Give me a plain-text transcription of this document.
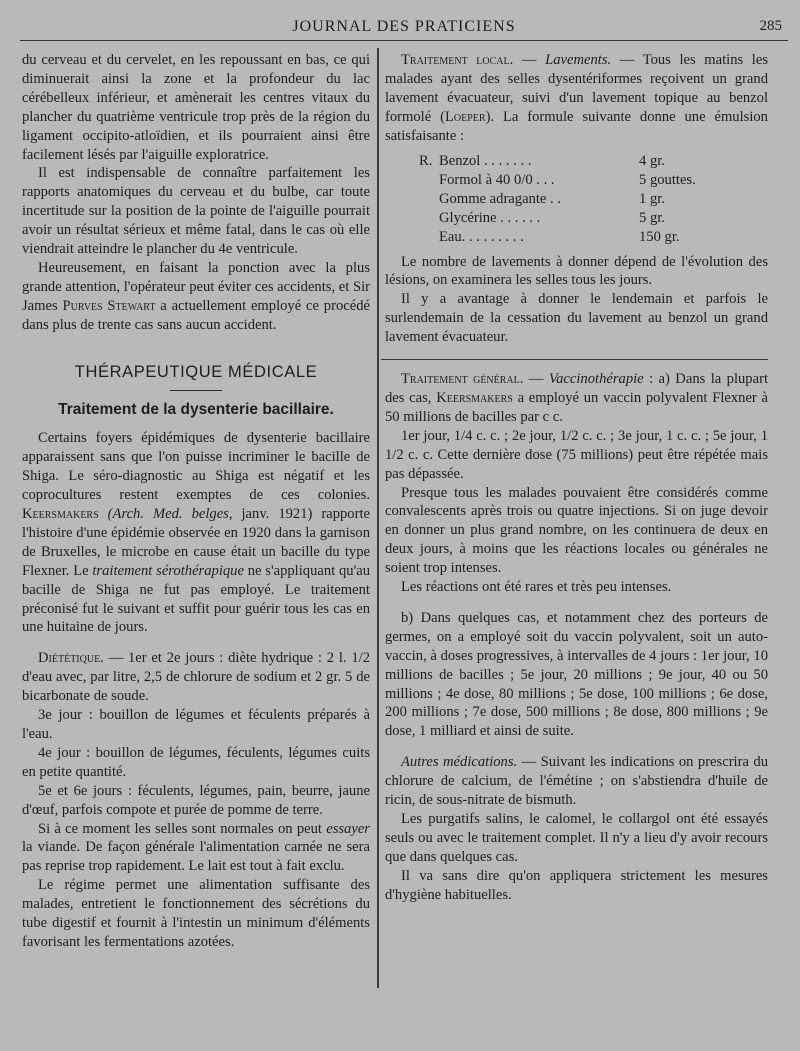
JOURNAL DES PRATICIENS	285

du cerveau et du cervelet, en les repoussant en bas, ce qui diminuerait ainsi la zone et la profondeur du lac cérébelleux inférieur, et amènerait les centres vitaux du plancher du quatrième ventricule trop près de la région du ligament occipito-atloïdien, et ils pourraient ainsi être facilement lésés par l'aiguille exploratrice.

Il est indispensable de connaître parfaitement les rapports anatomiques du cerveau et du bulbe, car toute incertitude sur la position de la pointe de l'aiguille pourrait avoir un résultat sérieux et même fatal, dans le cas où elle viendrait atteindre le plancher du 4e ventricule.

Heureusement, en faisant la ponction avec la plus grande attention, l'opérateur peut éviter ces accidents, et Sir James Purves Stewart a actuellement employé ce procédé dans plus de trente cas sans aucun accident.

THÉRAPEUTIQUE MÉDICALE
Traitement de la dysenterie bacillaire.

Certains foyers épidémiques de dysenterie bacillaire apparaissent sans que l'on puisse incriminer le bacille de Shiga. Le séro-diagnostic au Shiga est négatif et les coprocultures restent exemptes de ces colonies. Keersmakers (Arch. Med. belges, janv. 1921) rapporte l'histoire d'une épidémie observée en 1920 dans la garnison de Bruxelles, le microbe en cause était un bacille du type Flexner. Le traitement sérothérapique ne s'appliquant qu'au bacille de Shiga ne fut pas employé. Le traitement préconisé fut le suivant et suffit pour guérir tous les cas en une huitaine de jours.

Diététique. — 1er et 2e jours : diète hydrique : 2 l. 1/2 d'eau avec, par litre, 2,5 de chlorure de sodium et 2 gr. 5 de bicarbonate de soude.

3e jour : bouillon de légumes et féculents préparés à l'eau.

4e jour : bouillon de légumes, féculents, légumes cuits en petite quantité.

5e et 6e jours : féculents, légumes, pain, beurre, jaune d'œuf, parfois compote et purée de pomme de terre.

Si à ce moment les selles sont normales on peut essayer la viande. De façon générale l'alimentation carnée ne sera pas reprise trop rapidement. Le lait est tout à fait exclu.

Le régime permet une alimentation suffisante des malades, entretient le fonctionnement des sécrétions du tube digestif et fournit à l'intestin un minimum d'éléments favorisant les fermentations azotées.

Traitement local. — Lavements. — Tous les matins les malades ayant des selles dysentériformes reçoivent un grand lavement évacuateur, suivi d'un lavement topique au benzol formolé (Loeper). La formule suivante donne une émulsion satisfaisante :

R. Benzol . . . . . . .	4 gr.
Formol à 40 0/0 . . .	5 gouttes.
Gomme adragante . .	1 gr.
Glycérine . . . . . .	5 gr.
Eau. . . . . . . . .	150 gr.

Le nombre de lavements à donner dépend de l'évolution des lésions, on examinera les selles tous les jours.

Il y a avantage à donner le lendemain et parfois le surlendemain de la cessation du lavement au benzol un grand lavement évacuateur.

Traitement général. — Vaccinothérapie : a) Dans la plupart des cas, Keersmakers a employé un vaccin polyvalent Flexner à 50 millions de bacilles par c c.

1er jour, 1/4 c. c. ; 2e jour, 1/2 c. c. ; 3e jour, 1 c. c. ; 5e jour, 1 1/2 c. c. Cette dernière dose (75 millions) peut être répétée mais pas dépassée.

Presque tous les malades pouvaient être considérés comme convalescents après trois ou quatre injections. Si on juge devoir en donner un plus grand nombre, on les continuera de deux en deux jours, à moins que les réactions locales ou générales ne soient trop intenses.

Les réactions ont été rares et très peu intenses.

b) Dans quelques cas, et notamment chez des porteurs de germes, on a employé soit du vaccin polyvalent, soit un auto-vaccin, à doses progressives, à intervalles de 4 jours : 1er jour, 10 millions de bacilles ; 5e jour, 20 millions ; 9e jour, 40 ou 50 millions ; 4e dose, 80 millions ; 5e dose, 100 millions ; 6e dose, 200 millions ; 7e dose, 500 millions ; 8e dose, 800 millions ; 9e dose, 1 milliard et ainsi de suite.

Autres médications. — Suivant les indications on prescrira du chlorure de calcium, de l'émétine ; on s'abstiendra d'huile de ricin, de sous-nitrate de bismuth.

Les purgatifs salins, le calomel, le collargol ont été essayés seuls ou avec le traitement complet. Il n'y a lieu d'y avoir recours que dans quelques cas.

Il va sans dire qu'on appliquera strictement les mesures d'hygiène habituelles.
